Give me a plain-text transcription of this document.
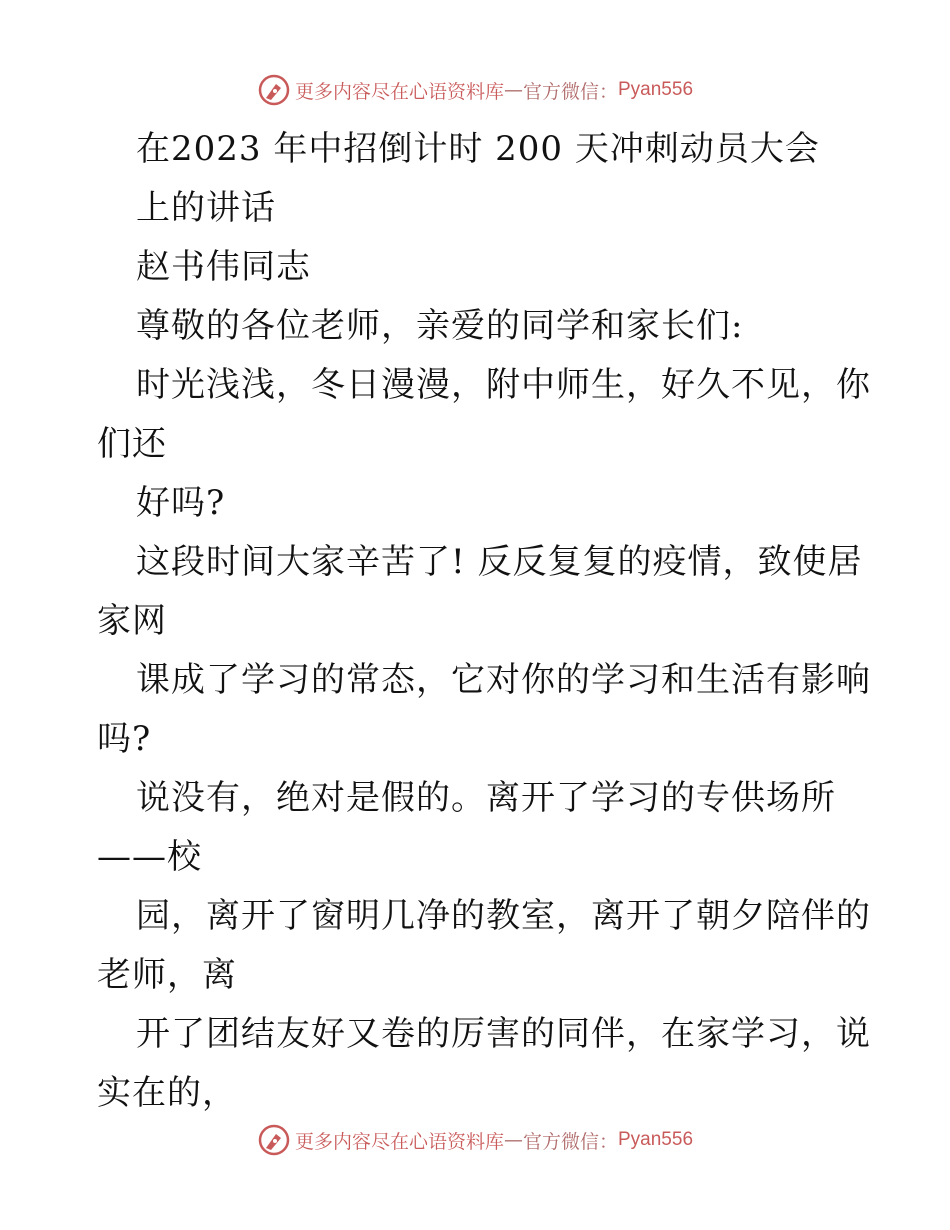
更多内容尽在心语资料库 — 官方微信： Pyan556
在2023 年中招倒计时 200 天冲刺动员大会
上的讲话
赵书伟同志
尊敬的各位老师，亲爱的同学和家长们:
时光浅浅，冬日漫漫，附中师生，好久不见，你
们还
好吗?
这段时间大家辛苦了! 反反复复的疫情，致使居
家网
课成了学习的常态，它对你的学习和生活有影响
吗?
说没有，绝对是假的。离开了学习的专供场所
——校
园，离开了窗明几净的教室，离开了朝夕陪伴的
老师，离
开了团结友好又卷的厉害的同伴，在家学习，说
实在的，
更多内容尽在心语资料库 — 官方微信： Pyan556
